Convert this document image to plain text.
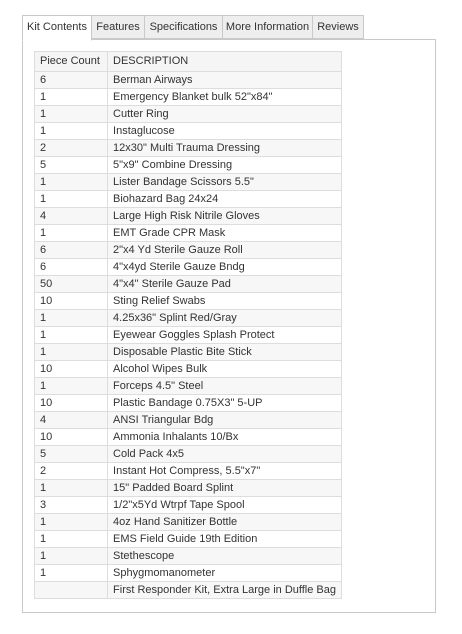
Kit Contents Features Specifications More Information Reviews
Piece Count	DESCRIPTION
6	Berman Airways
1	Emergency Blanket bulk 52"x84"
1	Cutter Ring
1	Instaglucose
2	12x30" Multi Trauma Dressing
5	5"x9" Combine Dressing
1	Lister Bandage Scissors 5.5"
1	Biohazard Bag 24x24
4	Large High Risk Nitrile Gloves
1	EMT Grade CPR Mask
6	2"x4 Yd Sterile Gauze Roll
6	4"x4yd Sterile Gauze Bndg
50	4"x4" Sterile Gauze Pad
10	Sting Relief Swabs
1	4.25x36" Splint Red/Gray
1	Eyewear Goggles Splash Protect
1	Disposable Plastic Bite Stick
10	Alcohol Wipes Bulk
1	Forceps 4.5" Steel
10	Plastic Bandage 0.75X3" 5-UP
4	ANSI Triangular Bdg
10	Ammonia Inhalants 10/Bx
5	Cold Pack 4x5
2	Instant Hot Compress, 5.5"x7"
1	15" Padded Board Splint
3	1/2"x5Yd Wtrpf Tape Spool
1	4oz Hand Sanitizer Bottle
1	EMS Field Guide 19th Edition
1	Stethescope
1	Sphygmomanometer
	First Responder Kit, Extra Large in Duffle Bag
